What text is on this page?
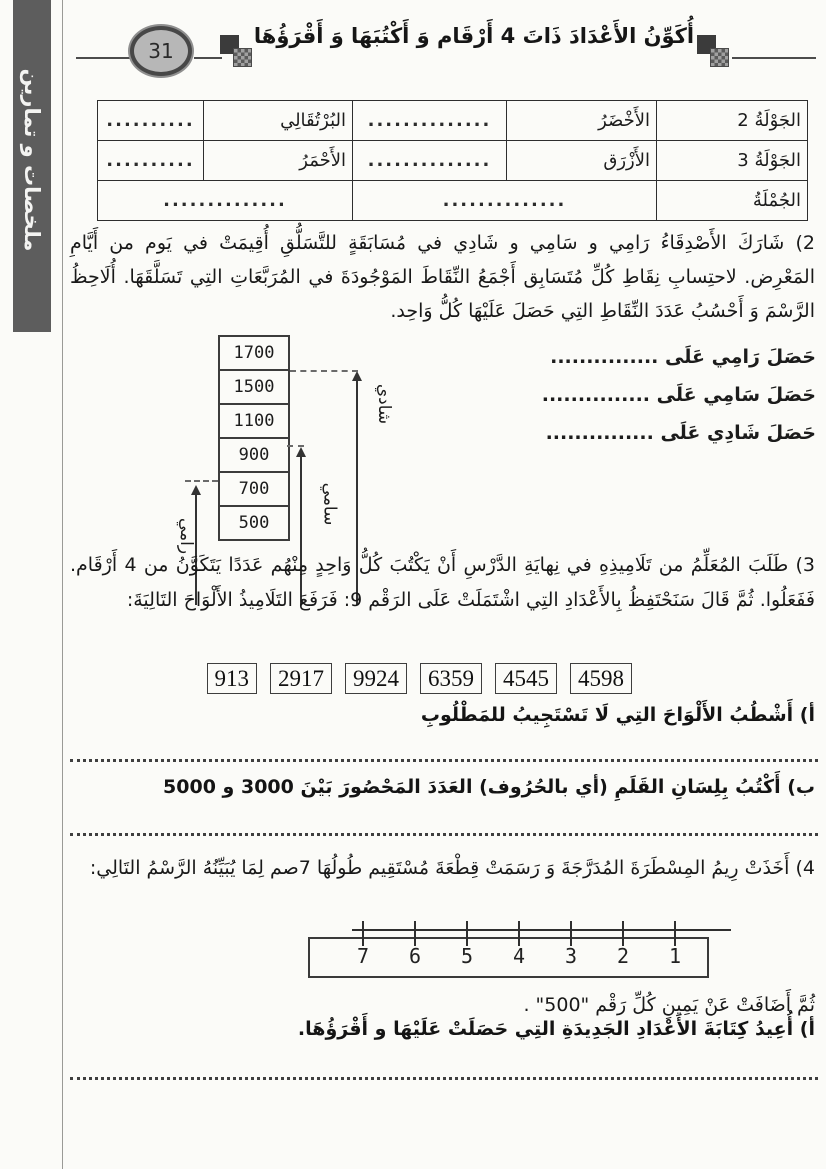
ملخصات و تمارين
31
أُكَوِّنُ الأَعْدَادَ ذَاتَ 4 أَرْقَام وَ أَكْتُبَهَا وَ أَقْرَؤُهَا
الجَوْلَةُ 2	الأَخْضَرُ	..............	البُرْتُقَالِي	..........
الجَوْلَةُ 3	الأَزْرَق	..............	الأَحْمَرُ	..........
الجُمْلَةُ	..............		..............	
2) شَارَكَ الأَصْدِقَاءُ رَامِي و سَامِي و شَادِي في مُسَابَقَةٍ للتَّسَلُّقِ أُقِيمَتْ في يَوم من أَيَّامِ المَعْرِض. لاحتِسابِ نِقَاطِ كُلِّ مُتَسَابِق أَجْمَعُ النِّقَاطَ المَوْجُودَةَ في المُرَبَّعَاتِ التِي تَسَلَّقَهَا. أُلَاحِظُ الرَّسْمَ وَ أَحْسُبُ عَدَدَ النِّقَاطِ التِي حَصَلَ عَلَيْهَا كُلُّ وَاحِد.
1700
1500
1100
900
700
500
رامي
سامي
شادي
حَصَلَ رَامِي عَلَى ...............
حَصَلَ سَامِي عَلَى ...............
حَصَلَ شَادِي عَلَى ...............
3) طَلَبَ المُعَلِّمُ من تَلَامِيذِهِ في نِهايَةِ الدَّرْسِ أَنْ يَكْتُبَ كُلُّ وَاحِدٍ مِنْهُم عَدَدًا يَتَكَوَّنُ من 4 أَرْقَام. فَفَعَلُوا. ثُمَّ قَالَ سَنَحْتَفِظُ بِالأَعْدَادِ التِي اشْتَمَلَتْ عَلَى الرَقْم 9: فَرَفَعَ التَلَامِيذُ الأَلْوَاحَ التَالِيَةَ:
4598
4545
6359
9924
2917
913
أ) أَشْطُبُ الأَلْوَاحَ التِي لَا تَسْتَجِيبُ للمَطْلُوبِ
ب) أَكْتُبُ بِلِسَانِ القَلَمِ (أي بالحُرُوف) العَدَدَ المَحْصُورَ بَيْنَ 3000 و 5000
4) أَخَذَتْ رِيمُ المِسْطَرَةَ المُدَرَّجَةَ وَ رَسَمَتْ قِطْعَةَ مُسْتَقِيم طُولُهَا 7صم لِمَا يُبَيِّنُهُ الرَّسْمُ التَالِي:
7	6	5	4	3	2	1
ثُمَّ أَضَافَتْ عَنْ يَمِينِ كُلِّ رَقْم "500" .
أ) أُعِيدُ كِتَابَةَ الأَعْدَادِ الجَدِيدَةِ التِي حَصَلَتْ عَلَيْهَا و أَقْرَؤُهَا.
